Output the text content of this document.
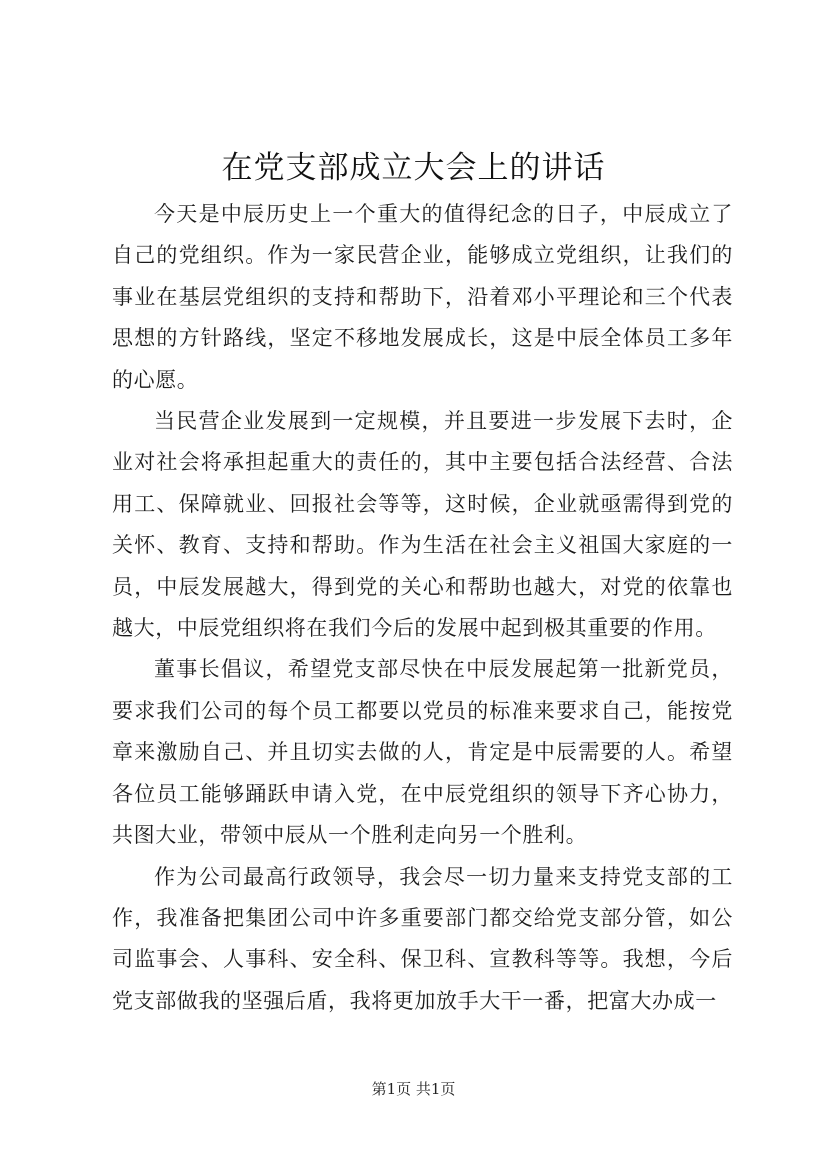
在党支部成立大会上的讲话

今天是中辰历史上一个重大的值得纪念的日子，中辰成立了自己的党组织。作为一家民营企业，能够成立党组织，让我们的事业在基层党组织的支持和帮助下，沿着邓小平理论和三个代表思想的方针路线，坚定不移地发展成长，这是中辰全体员工多年的心愿。

当民营企业发展到一定规模，并且要进一步发展下去时，企业对社会将承担起重大的责任的，其中主要包括合法经营、合法用工、保障就业、回报社会等等，这时候，企业就亟需得到党的关怀、教育、支持和帮助。作为生活在社会主义祖国大家庭的一员，中辰发展越大，得到党的关心和帮助也越大，对党的依靠也越大，中辰党组织将在我们今后的发展中起到极其重要的作用。

董事长倡议，希望党支部尽快在中辰发展起第一批新党员，要求我们公司的每个员工都要以党员的标准来要求自己，能按党章来激励自己、并且切实去做的人，肯定是中辰需要的人。希望各位员工能够踊跃申请入党，在中辰党组织的领导下齐心协力，共图大业，带领中辰从一个胜利走向另一个胜利。

作为公司最高行政领导，我会尽一切力量来支持党支部的工作，我准备把集团公司中许多重要部门都交给党支部分管，如公司监事会、人事科、安全科、保卫科、宣教科等等。我想，今后党支部做我的坚强后盾，我将更加放手大干一番，把富大办成一

第1页 共1页
